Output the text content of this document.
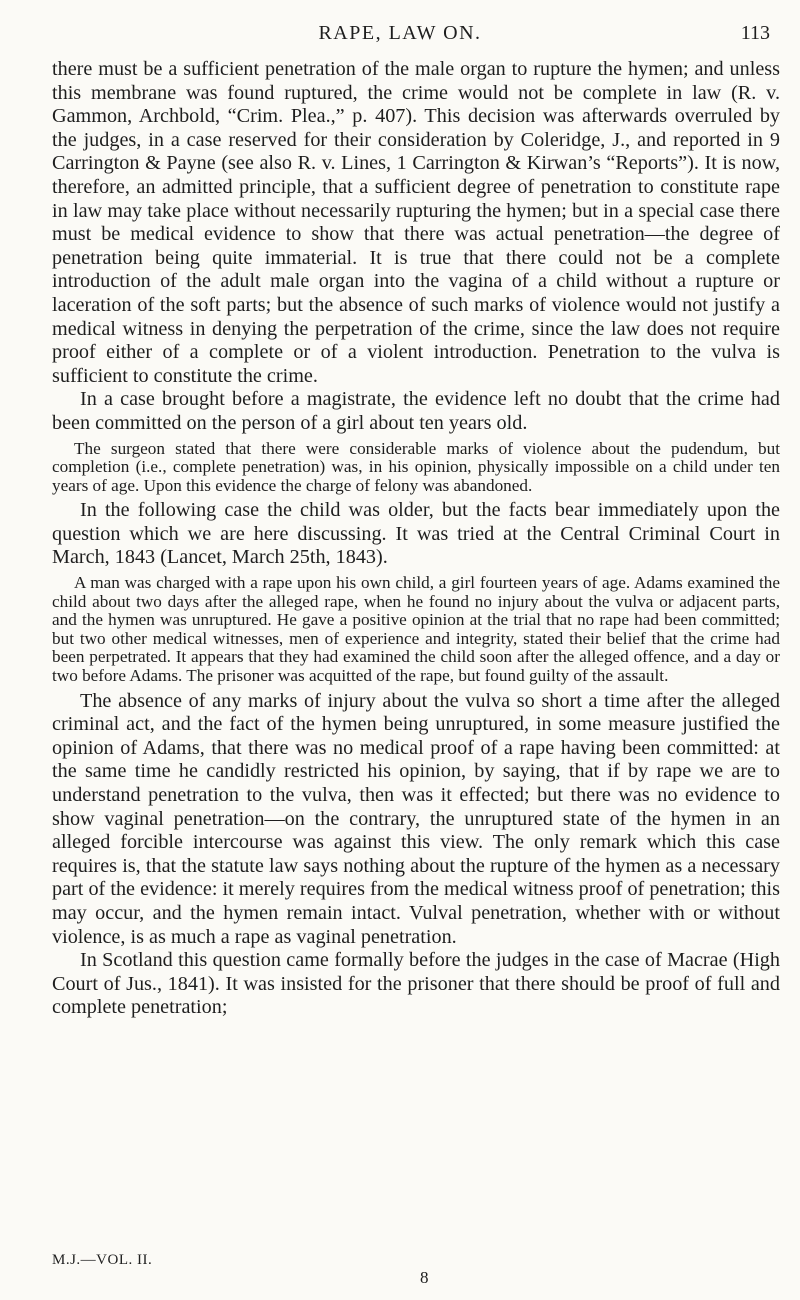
RAPE, LAW ON.	113

there must be a sufficient penetration of the male organ to rupture the hymen; and unless this membrane was found ruptured, the crime would not be complete in law (R. v. Gammon, Archbold, “Crim. Plea.,” p. 407). This decision was afterwards overruled by the judges, in a case reserved for their consideration by Coleridge, J., and reported in 9 Carrington & Payne (see also R. v. Lines, 1 Carrington & Kirwan’s “Reports”). It is now, therefore, an admitted principle, that a sufficient degree of penetration to constitute rape in law may take place without necessarily rupturing the hymen; but in a special case there must be medical evidence to show that there was actual penetration—the degree of penetration being quite immaterial. It is true that there could not be a complete introduction of the adult male organ into the vagina of a child without a rupture or laceration of the soft parts; but the absence of such marks of violence would not justify a medical witness in denying the perpetration of the crime, since the law does not require proof either of a complete or of a violent introduction. Penetration to the vulva is sufficient to constitute the crime.

In a case brought before a magistrate, the evidence left no doubt that the crime had been committed on the person of a girl about ten years old.

The surgeon stated that there were considerable marks of violence about the pudendum, but completion (i.e., complete penetration) was, in his opinion, physically impossible on a child under ten years of age. Upon this evidence the charge of felony was abandoned.

In the following case the child was older, but the facts bear immediately upon the question which we are here discussing. It was tried at the Central Criminal Court in March, 1843 (Lancet, March 25th, 1843).

A man was charged with a rape upon his own child, a girl fourteen years of age. Adams examined the child about two days after the alleged rape, when he found no injury about the vulva or adjacent parts, and the hymen was unruptured. He gave a positive opinion at the trial that no rape had been committed; but two other medical witnesses, men of experience and integrity, stated their belief that the crime had been perpetrated. It appears that they had examined the child soon after the alleged offence, and a day or two before Adams. The prisoner was acquitted of the rape, but found guilty of the assault.

The absence of any marks of injury about the vulva so short a time after the alleged criminal act, and the fact of the hymen being unruptured, in some measure justified the opinion of Adams, that there was no medical proof of a rape having been committed: at the same time he candidly restricted his opinion, by saying, that if by rape we are to understand penetration to the vulva, then was it effected; but there was no evidence to show vaginal penetration—on the contrary, the unruptured state of the hymen in an alleged forcible intercourse was against this view. The only remark which this case requires is, that the statute law says nothing about the rupture of the hymen as a necessary part of the evidence: it merely requires from the medical witness proof of penetration; this may occur, and the hymen remain intact. Vulval penetration, whether with or without violence, is as much a rape as vaginal penetration.

In Scotland this question came formally before the judges in the case of Macrae (High Court of Jus., 1841). It was insisted for the prisoner that there should be proof of full and complete penetration;

M.J.—VOL. II.
8
